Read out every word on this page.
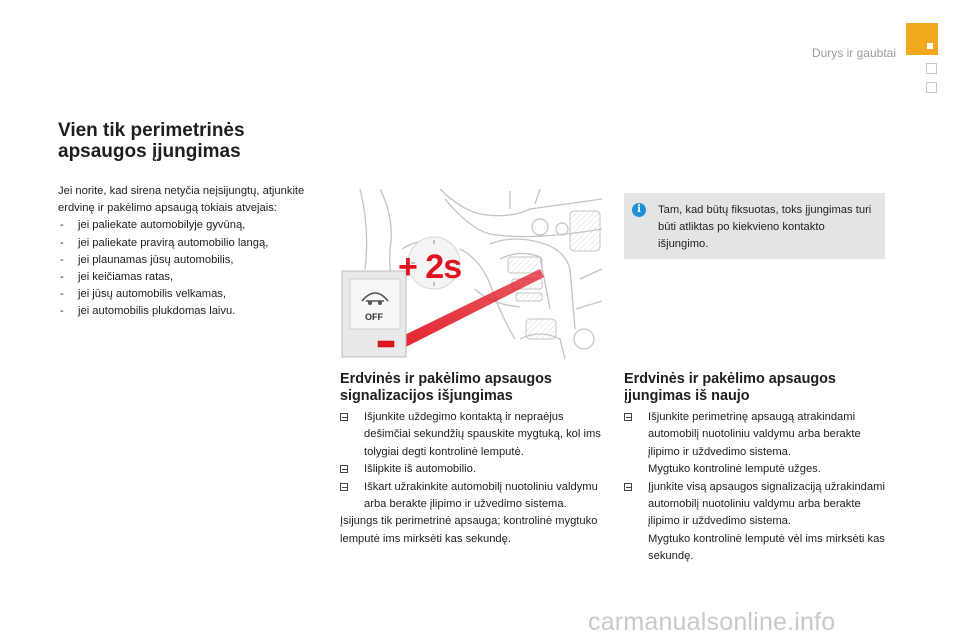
Durys ir gaubtai
Vien tik perimetrinės apsaugos įjungimas

Jei norite, kad sirena netyčia neįsijungtų, atjunkite erdvinę ir pakėlimo apsaugą tokiais atvejais:

- jei paliekate automobilyje gyvūną,
- jei paliekate pravirą automobilio langą,
- jei plaunamas jūsų automobilis,
- jei keičiamas ratas,
- jei jūsų automobilis velkamas,
- jei automobilis plukdomas laivu.
+ 2s
OFF
i	Tam, kad būtų fiksuotas, toks įjungimas turi būti atliktas po kiekvieno kontakto išjungimo.
Erdvinės ir pakėlimo apsaugos signalizacijos išjungimas
Išjunkite uždegimo kontaktą ir nepraėjus dešimčiai sekundžių spauskite mygtuką, kol ims tolygiai degti kontrolinė lemputė.
Išlipkite iš automobilio.
Iškart užrakinkite automobilį nuotoliniu valdymu arba berakte įlipimo ir užvedimo sistema.

Įsijungs tik perimetrinė apsauga; kontrolinė mygtuko lemputė ims mirksėti kas sekundę.

Erdvinės ir pakėlimo apsaugos įjungimas iš naujo
Išjunkite perimetrinę apsaugą atrakindami automobilį nuotoliniu valdymu arba berakte įlipimo ir uždvedimo sistema.
Mygtuko kontrolinė lemputė užges.
Įjunkite visą apsaugos signalizaciją užrakindami automobilį nuotoliniu valdymu arba berakte įlipimo ir uždvedimo sistema.
Mygtuko kontrolinė lemputė vėl ims mirksėti kas sekundę.
carmanualsonline.info
